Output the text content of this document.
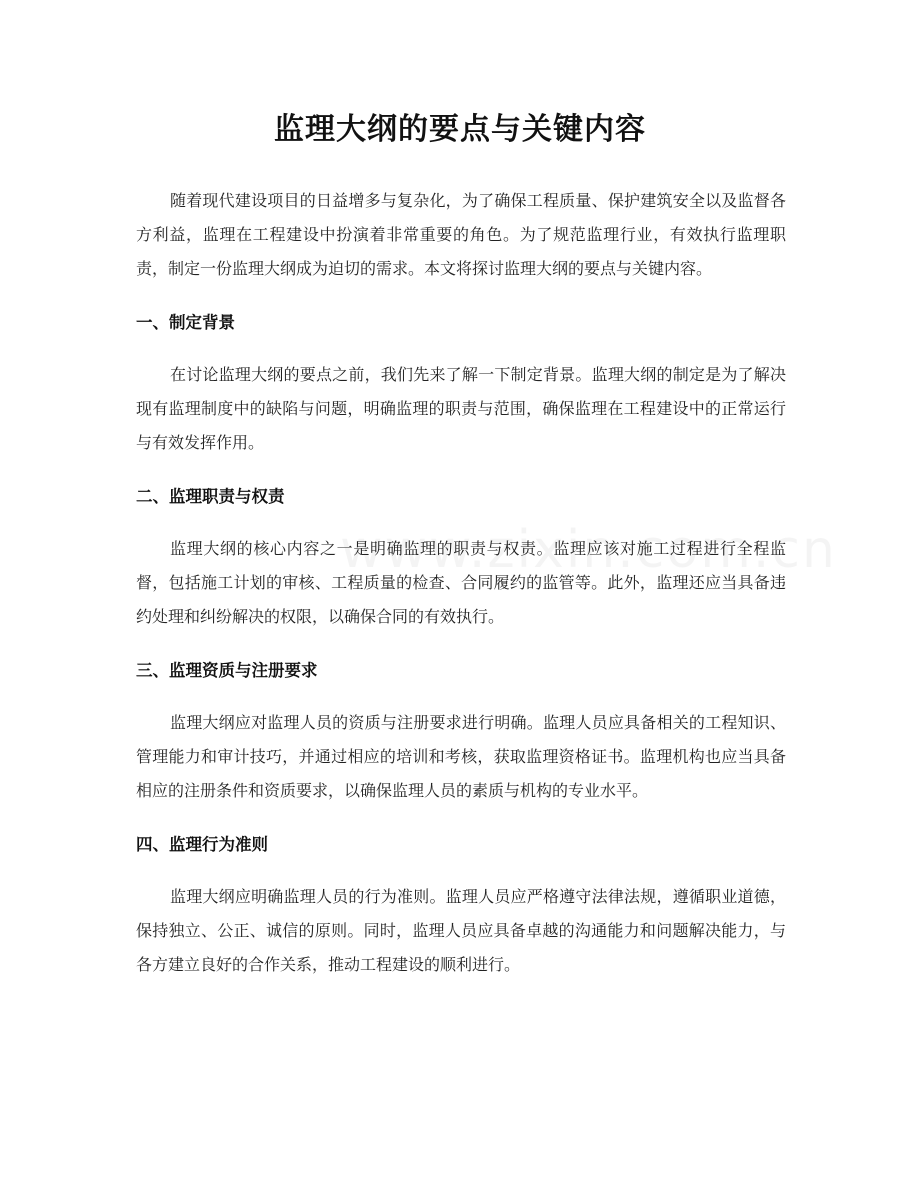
监理大纲的要点与关键内容

随着现代建设项目的日益增多与复杂化，为了确保工程质量、保护建筑安全以及监督各方利益，监理在工程建设中扮演着非常重要的角色。为了规范监理行业，有效执行监理职责，制定一份监理大纲成为迫切的需求。本文将探讨监理大纲的要点与关键内容。

一、制定背景

在讨论监理大纲的要点之前，我们先来了解一下制定背景。监理大纲的制定是为了解决现有监理制度中的缺陷与问题，明确监理的职责与范围，确保监理在工程建设中的正常运行与有效发挥作用。

二、监理职责与权责

监理大纲的核心内容之一是明确监理的职责与权责。监理应该对施工过程进行全程监督，包括施工计划的审核、工程质量的检查、合同履约的监管等。此外，监理还应当具备违约处理和纠纷解决的权限，以确保合同的有效执行。

三、监理资质与注册要求

监理大纲应对监理人员的资质与注册要求进行明确。监理人员应具备相关的工程知识、管理能力和审计技巧，并通过相应的培训和考核，获取监理资格证书。监理机构也应当具备相应的注册条件和资质要求，以确保监理人员的素质与机构的专业水平。

四、监理行为准则

监理大纲应明确监理人员的行为准则。监理人员应严格遵守法律法规，遵循职业道德，保持独立、公正、诚信的原则。同时，监理人员应具备卓越的沟通能力和问题解决能力，与各方建立良好的合作关系，推动工程建设的顺利进行。
